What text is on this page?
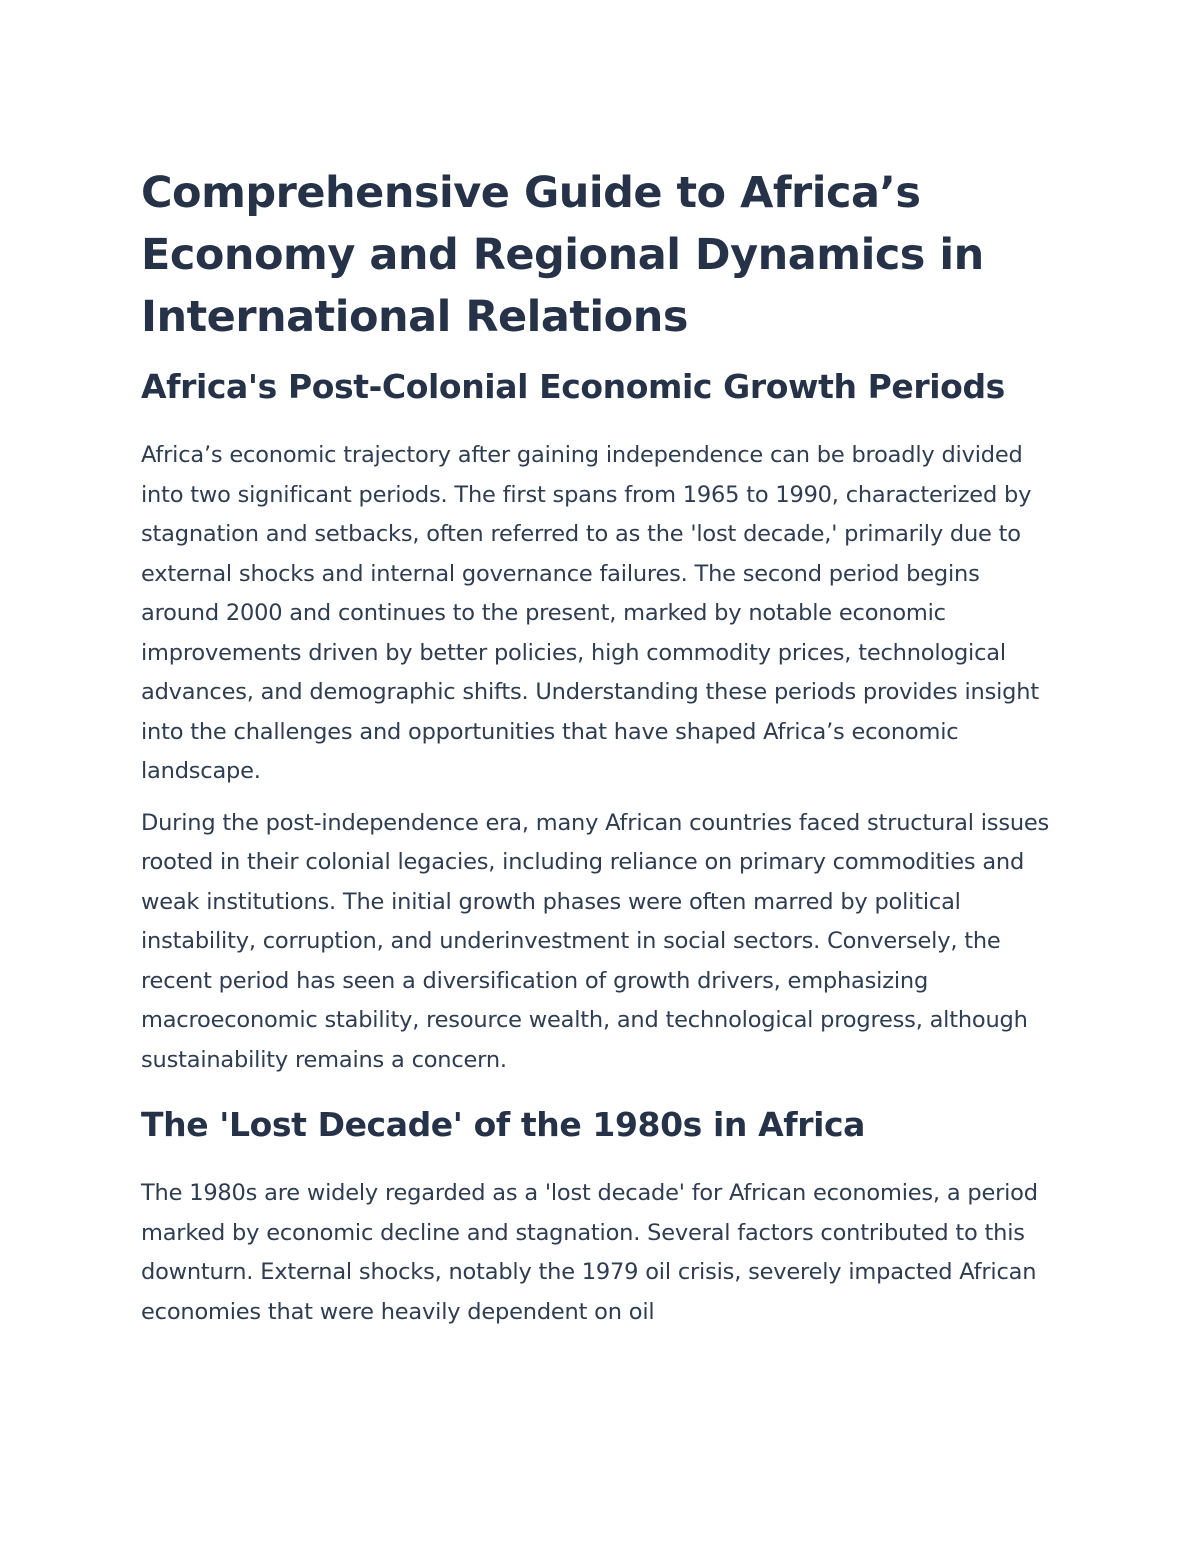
Comprehensive Guide to Africa’s Economy and Regional Dynamics in International Relations
Africa's Post-Colonial Economic Growth Periods

Africa’s economic trajectory after gaining independence can be broadly divided into two significant periods. The first spans from 1965 to 1990, characterized by stagnation and setbacks, often referred to as the 'lost decade,' primarily due to external shocks and internal governance failures. The second period begins around 2000 and continues to the present, marked by notable economic improvements driven by better policies, high commodity prices, technological advances, and demographic shifts. Understanding these periods provides insight into the challenges and opportunities that have shaped Africa’s economic landscape.

During the post-independence era, many African countries faced structural issues rooted in their colonial legacies, including reliance on primary commodities and weak institutions. The initial growth phases were often marred by political instability, corruption, and underinvestment in social sectors. Conversely, the recent period has seen a diversification of growth drivers, emphasizing macroeconomic stability, resource wealth, and technological progress, although sustainability remains a concern.

The 'Lost Decade' of the 1980s in Africa

The 1980s are widely regarded as a 'lost decade' for African economies, a period marked by economic decline and stagnation. Several factors contributed to this downturn. External shocks, notably the 1979 oil crisis, severely impacted African economies that were heavily dependent on oil
